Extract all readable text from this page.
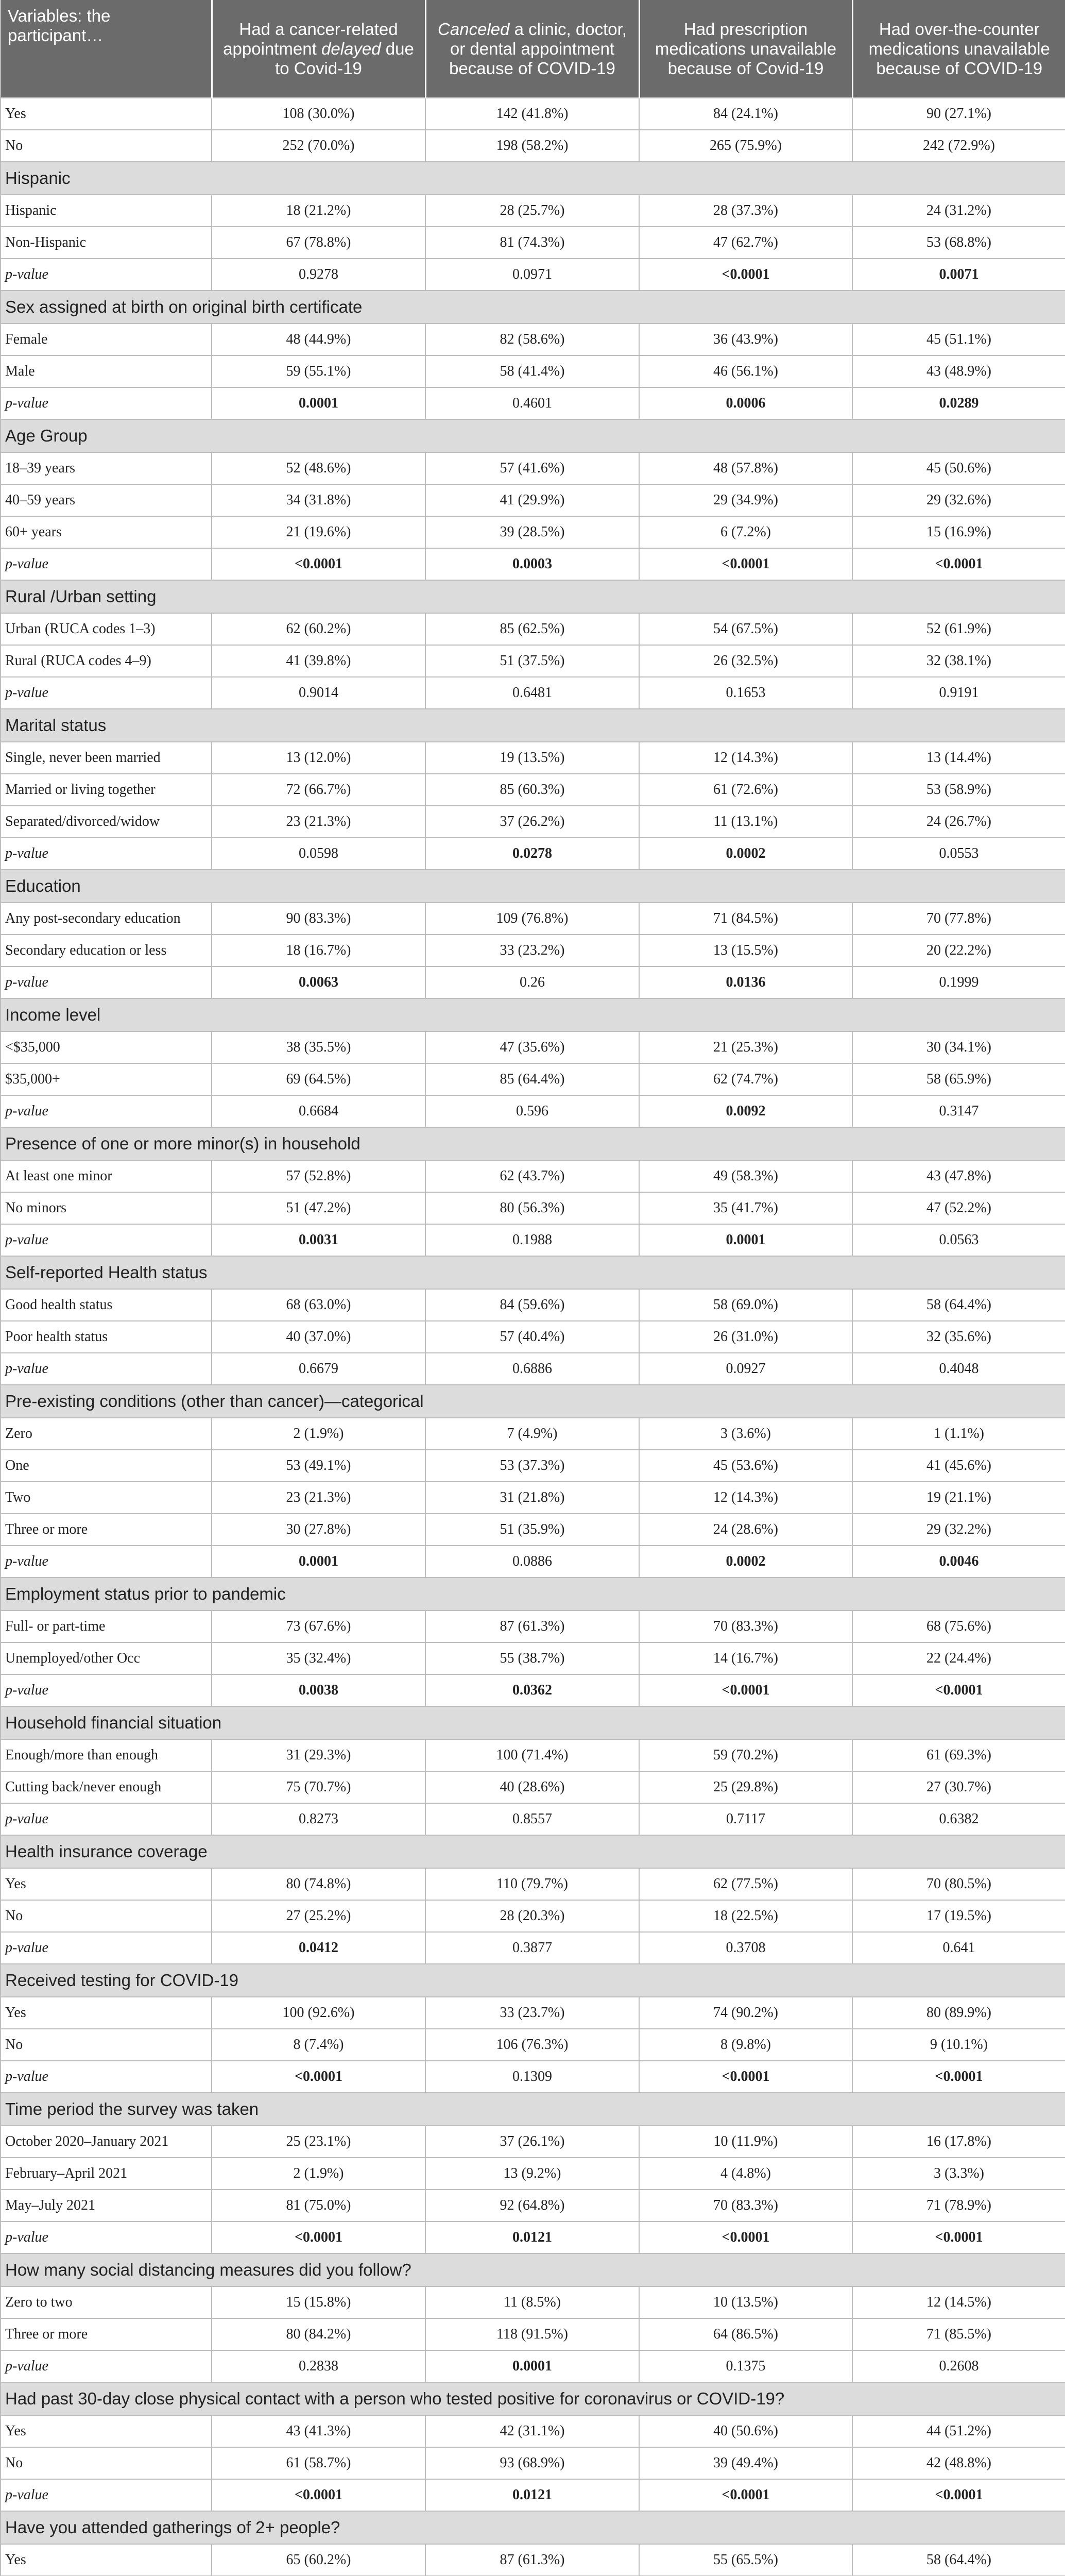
Variables: the participant…	Had a cancer-related appointment delayed due to Covid-19	Canceled a clinic, doctor, or dental appointment because of COVID-19	Had prescription medications unavailable because of Covid-19	Had over-the-counter medications unavailable because of COVID-19
Yes	108 (30.0%)	142 (41.8%)	84 (24.1%)	90 (27.1%)
No	252 (70.0%)	198 (58.2%)	265 (75.9%)	242 (72.9%)
Hispanic				
Hispanic	18 (21.2%)	28 (25.7%)	28 (37.3%)	24 (31.2%)
Non-Hispanic	67 (78.8%)	81 (74.3%)	47 (62.7%)	53 (68.8%)
p-value	0.9278	0.0971	<0.0001	0.0071
Sex assigned at birth on original birth certificate				
Female	48 (44.9%)	82 (58.6%)	36 (43.9%)	45 (51.1%)
Male	59 (55.1%)	58 (41.4%)	46 (56.1%)	43 (48.9%)
p-value	0.0001	0.4601	0.0006	0.0289
Age Group				
18–39 years	52 (48.6%)	57 (41.6%)	48 (57.8%)	45 (50.6%)
40–59 years	34 (31.8%)	41 (29.9%)	29 (34.9%)	29 (32.6%)
60+ years	21 (19.6%)	39 (28.5%)	6 (7.2%)	15 (16.9%)
p-value	<0.0001	0.0003	<0.0001	<0.0001
Rural /Urban setting				
Urban (RUCA codes 1–3)	62 (60.2%)	85 (62.5%)	54 (67.5%)	52 (61.9%)
Rural (RUCA codes 4–9)	41 (39.8%)	51 (37.5%)	26 (32.5%)	32 (38.1%)
p-value	0.9014	0.6481	0.1653	0.9191
Marital status				
Single, never been married	13 (12.0%)	19 (13.5%)	12 (14.3%)	13 (14.4%)
Married or living together	72 (66.7%)	85 (60.3%)	61 (72.6%)	53 (58.9%)
Separated/divorced/widow	23 (21.3%)	37 (26.2%)	11 (13.1%)	24 (26.7%)
p-value	0.0598	0.0278	0.0002	0.0553
Education				
Any post-secondary education	90 (83.3%)	109 (76.8%)	71 (84.5%)	70 (77.8%)
Secondary education or less	18 (16.7%)	33 (23.2%)	13 (15.5%)	20 (22.2%)
p-value	0.0063	0.26	0.0136	0.1999
Income level				
<$35,000	38 (35.5%)	47 (35.6%)	21 (25.3%)	30 (34.1%)
$35,000+	69 (64.5%)	85 (64.4%)	62 (74.7%)	58 (65.9%)
p-value	0.6684	0.596	0.0092	0.3147
Presence of one or more minor(s) in household				
At least one minor	57 (52.8%)	62 (43.7%)	49 (58.3%)	43 (47.8%)
No minors	51 (47.2%)	80 (56.3%)	35 (41.7%)	47 (52.2%)
p-value	0.0031	0.1988	0.0001	0.0563
Self-reported Health status				
Good health status	68 (63.0%)	84 (59.6%)	58 (69.0%)	58 (64.4%)
Poor health status	40 (37.0%)	57 (40.4%)	26 (31.0%)	32 (35.6%)
p-value	0.6679	0.6886	0.0927	0.4048
Pre-existing conditions (other than cancer)—categorical				
Zero	2 (1.9%)	7 (4.9%)	3 (3.6%)	1 (1.1%)
One	53 (49.1%)	53 (37.3%)	45 (53.6%)	41 (45.6%)
Two	23 (21.3%)	31 (21.8%)	12 (14.3%)	19 (21.1%)
Three or more	30 (27.8%)	51 (35.9%)	24 (28.6%)	29 (32.2%)
p-value	0.0001	0.0886	0.0002	0.0046
Employment status prior to pandemic				
Full- or part-time	73 (67.6%)	87 (61.3%)	70 (83.3%)	68 (75.6%)
Unemployed/other Occ	35 (32.4%)	55 (38.7%)	14 (16.7%)	22 (24.4%)
p-value	0.0038	0.0362	<0.0001	<0.0001
Household financial situation				
Enough/more than enough	31 (29.3%)	100 (71.4%)	59 (70.2%)	61 (69.3%)
Cutting back/never enough	75 (70.7%)	40 (28.6%)	25 (29.8%)	27 (30.7%)
p-value	0.8273	0.8557	0.7117	0.6382
Health insurance coverage				
Yes	80 (74.8%)	110 (79.7%)	62 (77.5%)	70 (80.5%)
No	27 (25.2%)	28 (20.3%)	18 (22.5%)	17 (19.5%)
p-value	0.0412	0.3877	0.3708	0.641
Received testing for COVID-19				
Yes	100 (92.6%)	33 (23.7%)	74 (90.2%)	80 (89.9%)
No	8 (7.4%)	106 (76.3%)	8 (9.8%)	9 (10.1%)
p-value	<0.0001	0.1309	<0.0001	<0.0001
Time period the survey was taken				
October 2020–January 2021	25 (23.1%)	37 (26.1%)	10 (11.9%)	16 (17.8%)
February–April 2021	2 (1.9%)	13 (9.2%)	4 (4.8%)	3 (3.3%)
May–July 2021	81 (75.0%)	92 (64.8%)	70 (83.3%)	71 (78.9%)
p-value	<0.0001	0.0121	<0.0001	<0.0001
How many social distancing measures did you follow?				
Zero to two	15 (15.8%)	11 (8.5%)	10 (13.5%)	12 (14.5%)
Three or more	80 (84.2%)	118 (91.5%)	64 (86.5%)	71 (85.5%)
p-value	0.2838	0.0001	0.1375	0.2608
Had past 30-day close physical contact with a person who tested positive for coronavirus or COVID-19?				
Yes	43 (41.3%)	42 (31.1%)	40 (50.6%)	44 (51.2%)
No	61 (58.7%)	93 (68.9%)	39 (49.4%)	42 (48.8%)
p-value	<0.0001	0.0121	<0.0001	<0.0001
Have you attended gatherings of 2+ people?				
Yes	65 (60.2%)	87 (61.3%)	55 (65.5%)	58 (64.4%)
